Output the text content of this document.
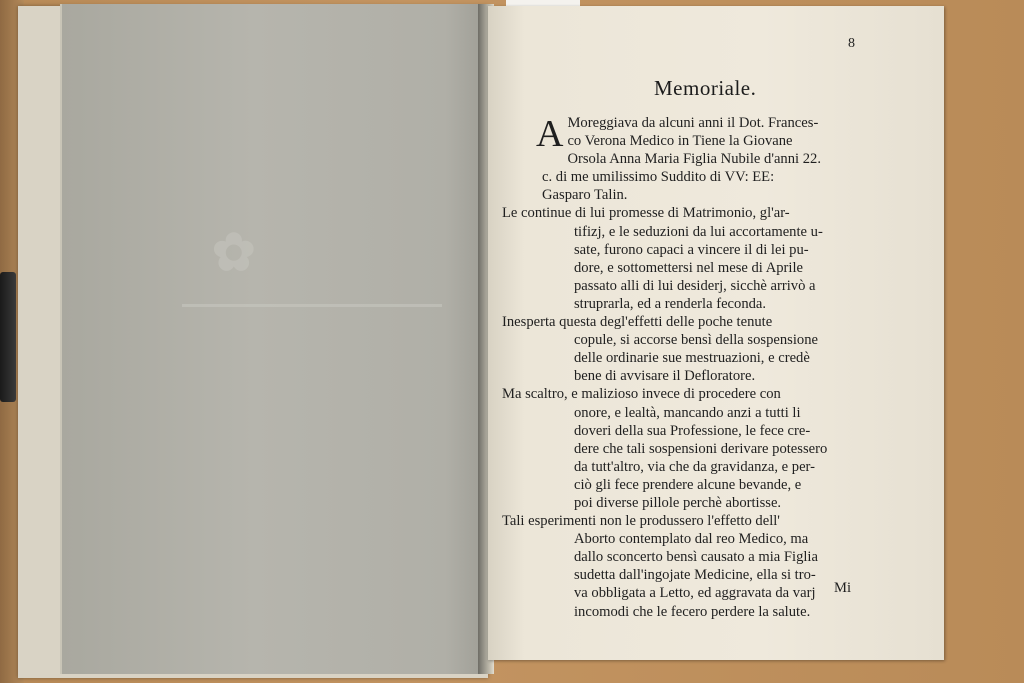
✿
8
Memoriale.
A Moreggiava da alcuni anni il Dot. Frances-
co Verona Medico in Tiene la Giovane
Orsola Anna Maria Figlia Nubile d'anni 22.
c. di me umilissimo Suddito di VV: EE:
Gasparo Talin.
Le continue di lui promesse di Matrimonio, gl'ar-
tifizj, e le seduzioni da lui accortamente u-
sate, furono capaci a vincere il di lei pu-
dore, e sottomettersi nel mese di Aprile
passato alli di lui desiderj, sicchè arrivò a
struprarla, ed a renderla feconda.
Inesperta questa degl'effetti delle poche tenute
copule, si accorse bensì della sospensione
delle ordinarie sue mestruazioni, e credè
bene di avvisare il Defloratore.
Ma scaltro, e malizioso invece di procedere con
onore, e lealtà, mancando anzi a tutti li
doveri della sua Professione, le fece cre-
dere che tali sospensioni derivare potessero
da tutt'altro, via che da gravidanza, e per-
ciò gli fece prendere alcune bevande, e
poi diverse pillole perchè abortisse.
Tali esperimenti non le produssero l'effetto dell'
Aborto contemplato dal reo Medico, ma
dallo sconcerto bensì causato a mia Figlia
sudetta dall'ingojate Medicine, ella si tro-
va obbligata a Letto, ed aggravata da varj
incomodi che le fecero perdere la salute.
Mi
